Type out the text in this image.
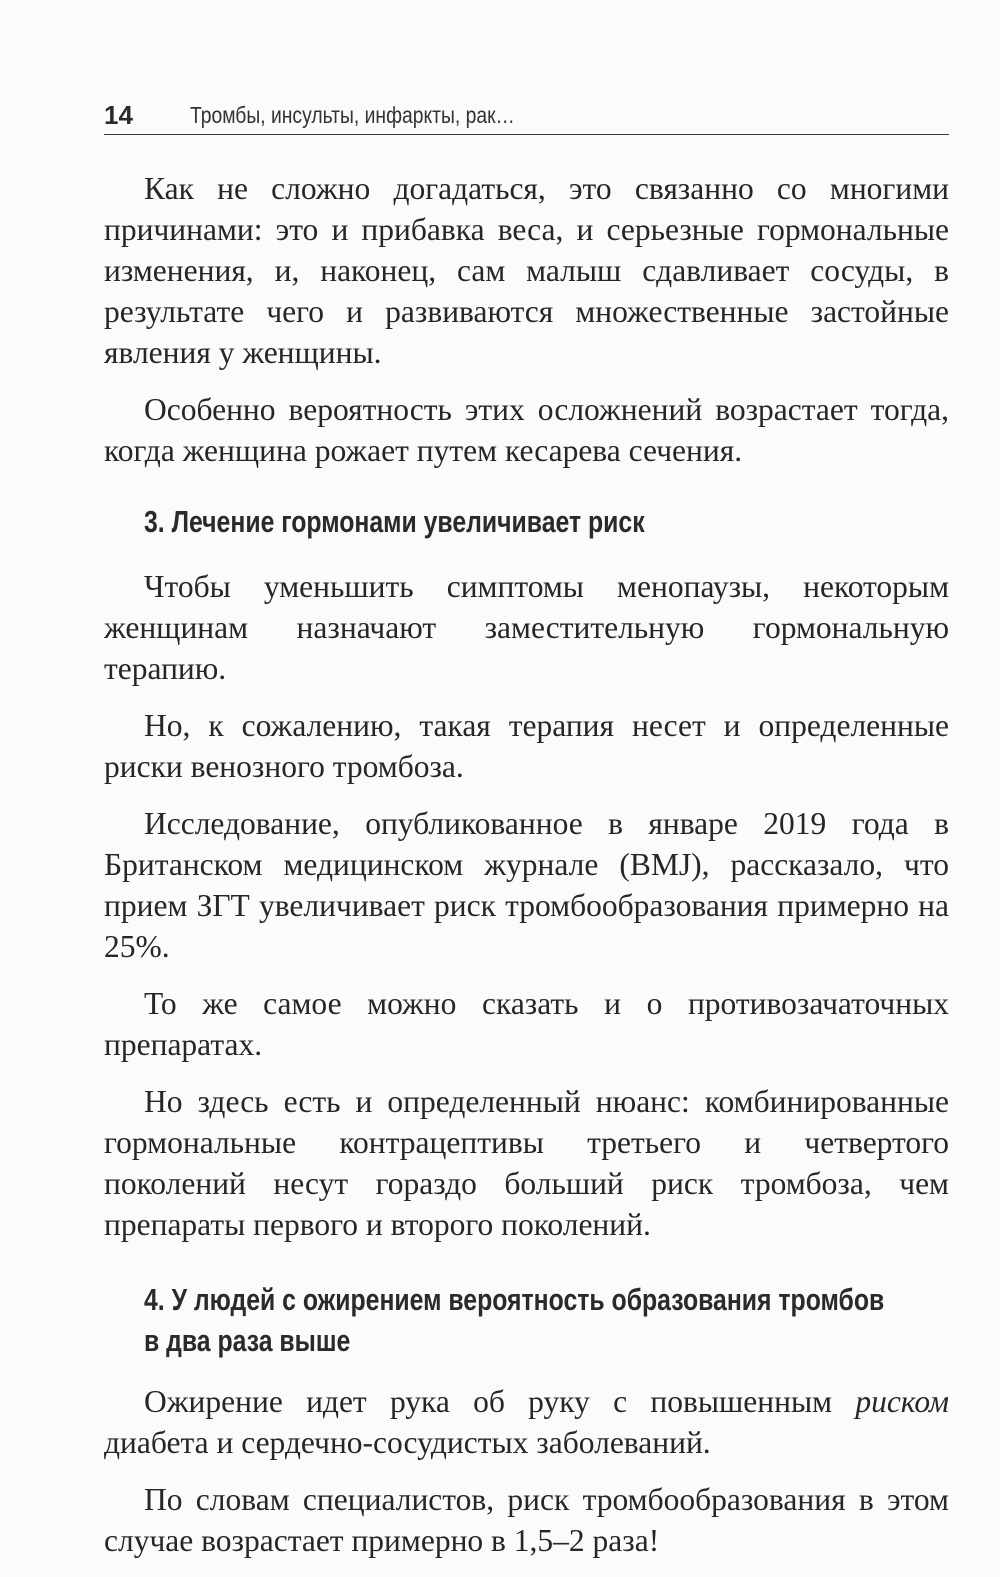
14 Тромбы, инсульты, инфаркты, рак…

Как не сложно догадаться, это связанно со многими причинами: это и прибавка веса, и серьезные гормональные изменения, и, наконец, сам малыш сдавливает сосуды, в результате чего и развиваются множественные застойные явления у женщины.

Особенно вероятность этих осложнений возрастает тогда, когда женщина рожает путем кесарева сечения.

3. Лечение гормонами увеличивает риск

Чтобы уменьшить симптомы менопаузы, некоторым женщинам назначают заместительную гормональную терапию.

Но, к сожалению, такая терапия несет и определенные риски венозного тромбоза.

Исследование, опубликованное в январе 2019 года в Британском медицинском журнале (BMJ), рассказало, что прием ЗГТ увеличивает риск тромбообразования примерно на 25%.

То же самое можно сказать и о противозачаточных препаратах.

Но здесь есть и определенный нюанс: комбинированные гормональные контрацептивы третьего и четвертого поколений несут гораздо больший риск тромбоза, чем препараты первого и второго поколений.

4. У людей с ожирением вероятность образования тромбов
в два раза выше

Ожирение идет рука об руку с повышенным риском диабета и сердечно-сосудистых заболеваний.

По словам специалистов, риск тромбообразования в этом случае возрастает примерно в 1,5–2 раза!
